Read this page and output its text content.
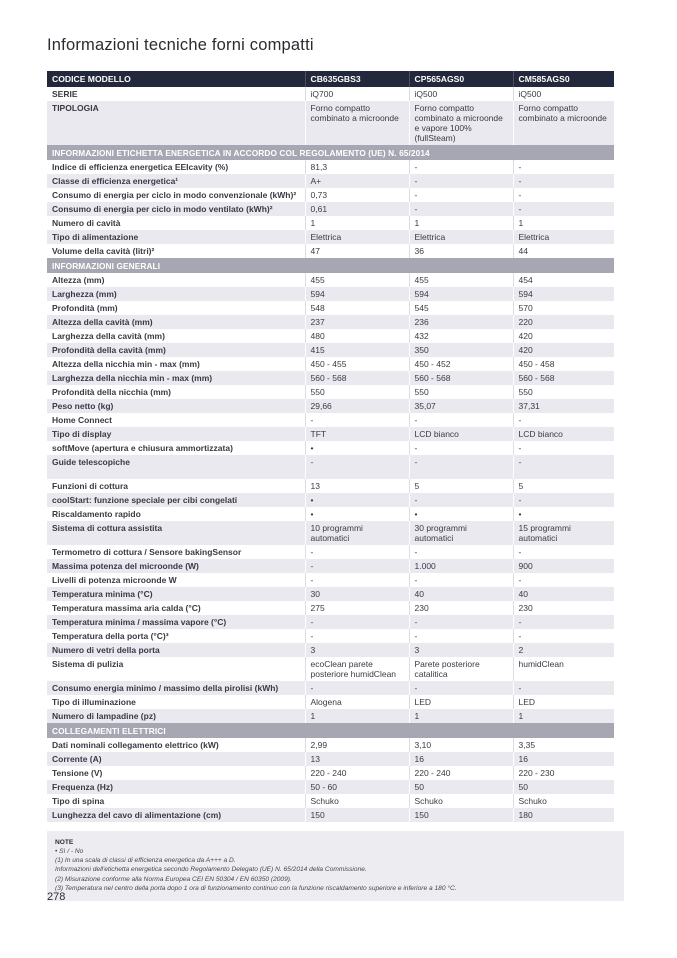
Informazioni tecniche forni compatti
CODICE MODELLO	CB635GBS3	CP565AGS0	CM585AGS0
SERIE	iQ700	iQ500	iQ500
TIPOLOGIA	Forno compatto combinato a microonde	Forno compatto combinato a microonde e vapore 100% (fullSteam)	Forno compatto combinato a microonde
INFORMAZIONI ETICHETTA ENERGETICA IN ACCORDO COL REGOLAMENTO (UE) N. 65/2014			
Indice di efficienza energetica EEIcavity (%)	81,3	-	-
Classe di efficienza energetica¹	A+	-	-
Consumo di energia per ciclo in modo convenzionale (kWh)²	0,73	-	-
Consumo di energia per ciclo in modo ventilato (kWh)²	0,61	-	-
Numero di cavità	1	1	1
Tipo di alimentazione	Elettrica	Elettrica	Elettrica
Volume della cavità (litri)²	47	36	44
INFORMAZIONI GENERALI			
Altezza (mm)	455	455	454
Larghezza (mm)	594	594	594
Profondità (mm)	548	545	570
Altezza della cavità (mm)	237	236	220
Larghezza della cavità (mm)	480	432	420
Profondità della cavità (mm)	415	350	420
Altezza della nicchia min - max (mm)	450 - 455	450 - 452	450 - 458
Larghezza della nicchia min - max (mm)	560 - 568	560 - 568	560 - 568
Profondità della nicchia (mm)	550	550	550
Peso netto (kg)	29,66	35,07	37,31
Home Connect	-	-	-
Tipo di display	TFT	LCD bianco	LCD bianco
softMove (apertura e chiusura ammortizzata)	•	-	-
Guide telescopiche	-	-	-
Funzioni di cottura	13	5	5
coolStart: funzione speciale per cibi congelati	•	-	-
Riscaldamento rapido	•	•	•
Sistema di cottura assistita	10 programmi automatici	30 programmi automatici	15 programmi automatici
Termometro di cottura / Sensore bakingSensor	-	-	-
Massima potenza del microonde (W)	-	1.000	900
Livelli di potenza microonde W	-	-	-
Temperatura minima (°C)	30	40	40
Temperatura massima aria calda (°C)	275	230	230
Temperatura minima / massima vapore (°C)	-	-	-
Temperatura della porta (°C)³	-	-	-
Numero di vetri della porta	3	3	2
Sistema di pulizia	ecoClean parete posteriore humidClean	Parete posteriore catalitica	humidClean
Consumo energia minimo / massimo della pirolisi (kWh)	-	-	-
Tipo di illuminazione	Alogena	LED	LED
Numero di lampadine (pz)	1	1	1
COLLEGAMENTI ELETTRICI			
Dati nominali collegamento elettrico (kW)	2,99	3,10	3,35
Corrente (A)	13	16	16
Tensione (V)	220 - 240	220 - 240	220 - 230
Frequenza (Hz)	50 - 60	50	50
Tipo di spina	Schuko	Schuko	Schuko
Lunghezza del cavo di alimentazione (cm)	150	150	180
NOTE
• Sì / - No
(1) In una scala di classi di efficienza energetica da A+++ a D.
Informazioni dell'etichetta energetica secondo Regolamento Delegato (UE) N. 65/2014 della Commissione.
(2) Misurazione conforme alla Norma Europea CEI EN 50304 / EN 60350 (2009).
(3) Temperatura nel centro della porta dopo 1 ora di funzionamento continuo con la funzione riscaldamento superiore e inferiore a 180 °C.
278
